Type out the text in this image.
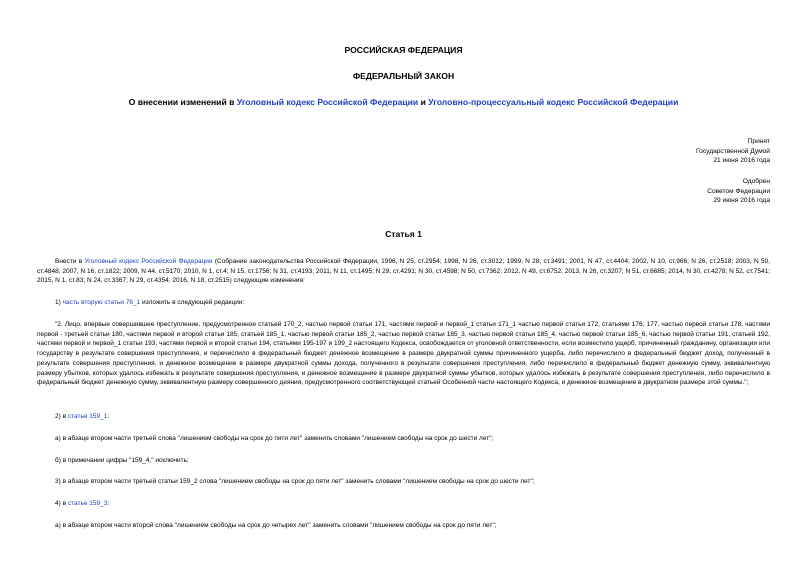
РОССИЙСКАЯ ФЕДЕРАЦИЯ
ФЕДЕРАЛЬНЫЙ ЗАКОН
О внесении изменений в Уголовный кодекс Российской Федерации и Уголовно-процессуальный кодекс Российской Федерации
Принят
Государственной Думой
21 июня 2016 года
Одобрен
Советом Федерации
29 июня 2016 года
Статья 1
Внести в Уголовный кодекс Российской Федерации (Собрание законодательства Российской Федерации, 1996, N 25, ст.2954; 1998, N 26, ст.3012; 1999, N 28, ст.3491; 2001, N 47, ст.4404; 2002, N 10, ст.966; N 26, ст.2518; 2003, N 50, ст.4848; 2007, N 16, ст.1822; 2009, N 44, ст.5170; 2010, N 1, ст.4; N 15, ст.1756; N 31, ст.4193; 2011, N 11, ст.1495; N 29, ст.4291; N 30, ст.4598; N 50, ст.7362; 2012, N 49, ст.6752; 2013, N 26, ст.3207; N 51, ст.6685; 2014, N 30, ст.4278; N 52, ст.7541; 2015, N 1, ст.83; N 24, ст.3367; N 29, ст.4354; 2016, N 18, ст.2515) следующие изменения:
1) часть вторую статьи 76_1 изложить в следующей редакции:
"2. Лицо, впервые совершившее преступление, предусмотренное статьей 170_2, частью первой статьи 171, частями первой и первой_1 статьи 171_1 частью первой статьи 172, статьями 176, 177, частью первой статьи 178, частями первой - третьей статьи 180, частями первой и второй статьи 185, статьей 185_1, частью первой статьи 185_2, частью первой статьи 185_3, частью первой статьи 185_4, частью первой статьи 185_6, частью первой статьи 191, статьей 192, частями первой и первой_1 статьи 193, частями первой и второй статьи 194, статьями 195-197 и 199_2 настоящего Кодекса, освобождается от уголовной ответственности, если возместило ущерб, причиненный гражданину, организации или государству в результате совершения преступления, и перечислило в федеральный бюджет денежное возмещение в размере двукратной суммы причиненного ущерба, либо перечислило в федеральный бюджет доход, полученный в результате совершения преступления, и денежное возмещение в размере двукратной суммы дохода, полученного в результате совершения преступления, либо перечислило в федеральный бюджет денежную сумму, эквивалентную размеру убытков, которых удалось избежать в результате совершения преступления, и денежное возмещение в размере двукратной суммы убытков, которых удалось избежать в результате совершения преступления, либо перечислило в федеральный бюджет денежную сумму, эквивалентную размеру совершенного деяния, предусмотренного соответствующей статьей Особенной части настоящего Кодекса, и денежное возмещение в двукратном размере этой суммы.";
2) в статье 159_1:
а) в абзаце втором части третьей слова "лишением свободы на срок до пяти лет" заменить словами "лишением свободы на срок до шести лет";
б) в примечании цифры "159_4," исключить;
3) в абзаце втором части третьей статьи 159_2 слова "лишением свободы на срок до пяти лет" заменить словами "лишением свободы на срок до шести лет";
4) в статье 159_3:
а) в абзаце втором части второй слова "лишением свободы на срок до четырех лет" заменить словами "лишением свободы на срок до пяти лет";
